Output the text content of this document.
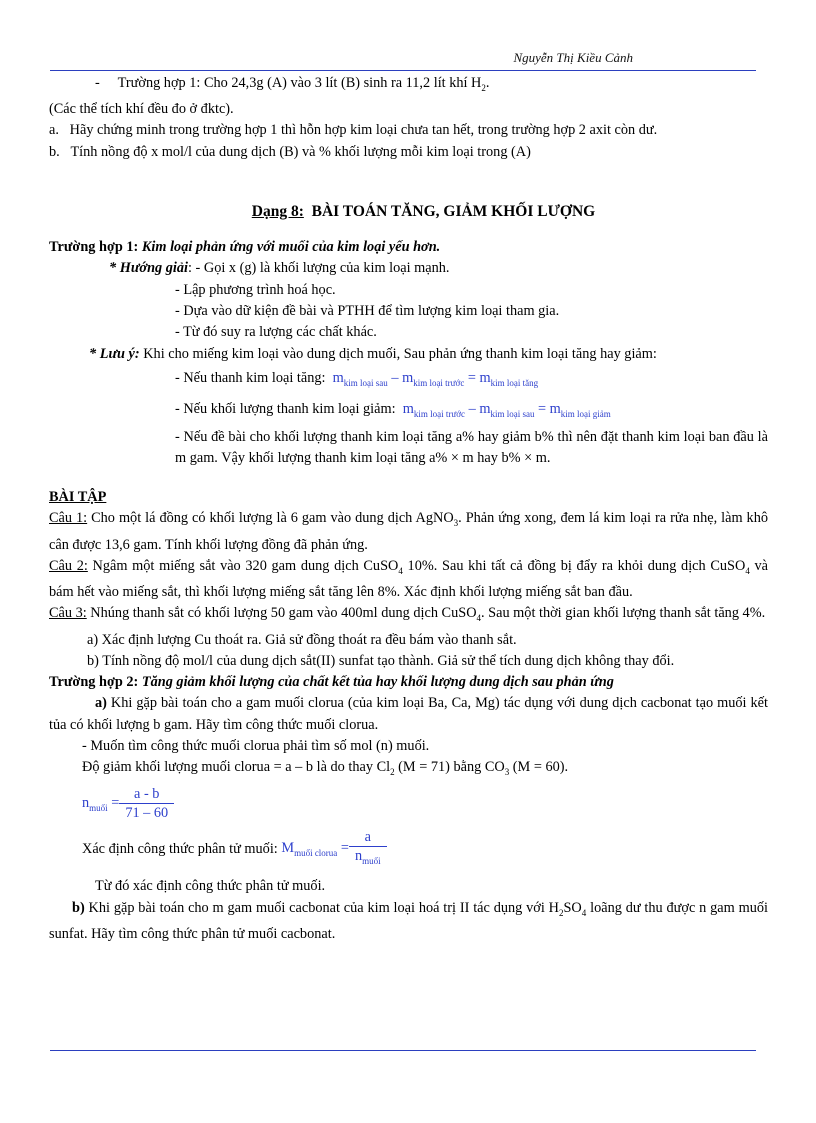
Nguyễn Thị Kiều Cảnh

-     Trường hợp 1: Cho 24,3g (A) vào 3 lít (B) sinh ra 11,2 lít khí $H_2$.

(Các thể tích khí đều đo ở đktc).

a.   Hãy chứng minh trong trường hợp 1 thì hỗn hợp kim loại chưa tan hết, trong trường hợp 2 axit còn dư.

b.   Tính nồng độ x mol/l của dung dịch (B) và % khối lượng mỗi kim loại trong (A)

Dạng 8: BÀI TOÁN TĂNG, GIẢM KHỐI LƯỢNG

Trường hợp 1: Kim loại phản ứng với muối của kim loại yếu hơn.

* Hướng giải: - Gọi x (g) là khối lượng của kim loại mạnh.

- Lập phương trình hoá học.

- Dựa vào dữ kiện đề bài và PTHH để tìm lượng kim loại tham gia.

- Từ đó suy ra lượng các chất khác.

* Lưu ý: Khi cho miếng kim loại vào dung dịch muối, Sau phản ứng thanh kim loại tăng hay giảm:

- Nếu thanh kim loại tăng: $m_{kim loại sau} - m_{kim loại trước} = m_{kim loại tăng}$

- Nếu khối lượng thanh kim loại giảm: $m_{kim loại trước} - m_{kim loại sau} = m_{kim loại giảm}$

- Nếu đề bài cho khối lượng thanh kim loại tăng a% hay giảm b% thì nên đặt thanh kim loại ban đầu là m gam. Vậy khối lượng thanh kim loại tăng a% × m hay b% × m.

BÀI TẬP

Câu 1: Cho một lá đồng có khối lượng là 6 gam vào dung dịch AgNO$_3$. Phản ứng xong, đem lá kim loại ra rửa nhẹ, làm khô cân được 13,6 gam. Tính khối lượng đồng đã phản ứng.

Câu 2: Ngâm một miếng sắt vào 320 gam dung dịch CuSO$_4$ 10%. Sau khi tất cả đồng bị đẩy ra khỏi dung dịch CuSO$_4$ và bám hết vào miếng sắt, thì khối lượng miếng sắt tăng lên 8%. Xác định khối lượng miếng sắt ban đầu.

Câu 3: Nhúng thanh sắt có khối lượng 50 gam vào 400ml dung dịch CuSO$_4$. Sau một thời gian khối lượng thanh sắt tăng 4%.

a) Xác định lượng Cu thoát ra. Giả sử đồng thoát ra đều bám vào thanh sắt.

b) Tính nồng độ mol/l của dung dịch sắt(II) sunfat tạo thành. Giả sử thể tích dung dịch không thay đổi.

Trường hợp 2: Tăng giảm khối lượng của chất kết tủa hay khối lượng dung dịch sau phản ứng

a) Khi gặp bài toán cho a gam muối clorua (của kim loại Ba, Ca, Mg) tác dụng với dung dịch cacbonat tạo muối kết tủa có khối lượng b gam. Hãy tìm công thức muối clorua.

- Muốn tìm công thức muối clorua phải tìm số mol (n) muối.

Độ giảm khối lượng muối clorua = a – b là do thay $Cl_2$ (M = 71) bằng $CO_3$ (M = 60).

$n_{muối} = \frac{a - b}{71 - 60}$
Xác định công thức phân tử muối:
$M_{muối clorua} = \frac{a}{n_{muối}}$

Từ đó xác định công thức phân tử muối.

b) Khi gặp bài toán cho m gam muối cacbonat của kim loại hoá trị II tác dụng với $H_2SO_4$ loãng dư thu được n gam muối sunfat. Hãy tìm công thức phân tử muối cacbonat.
